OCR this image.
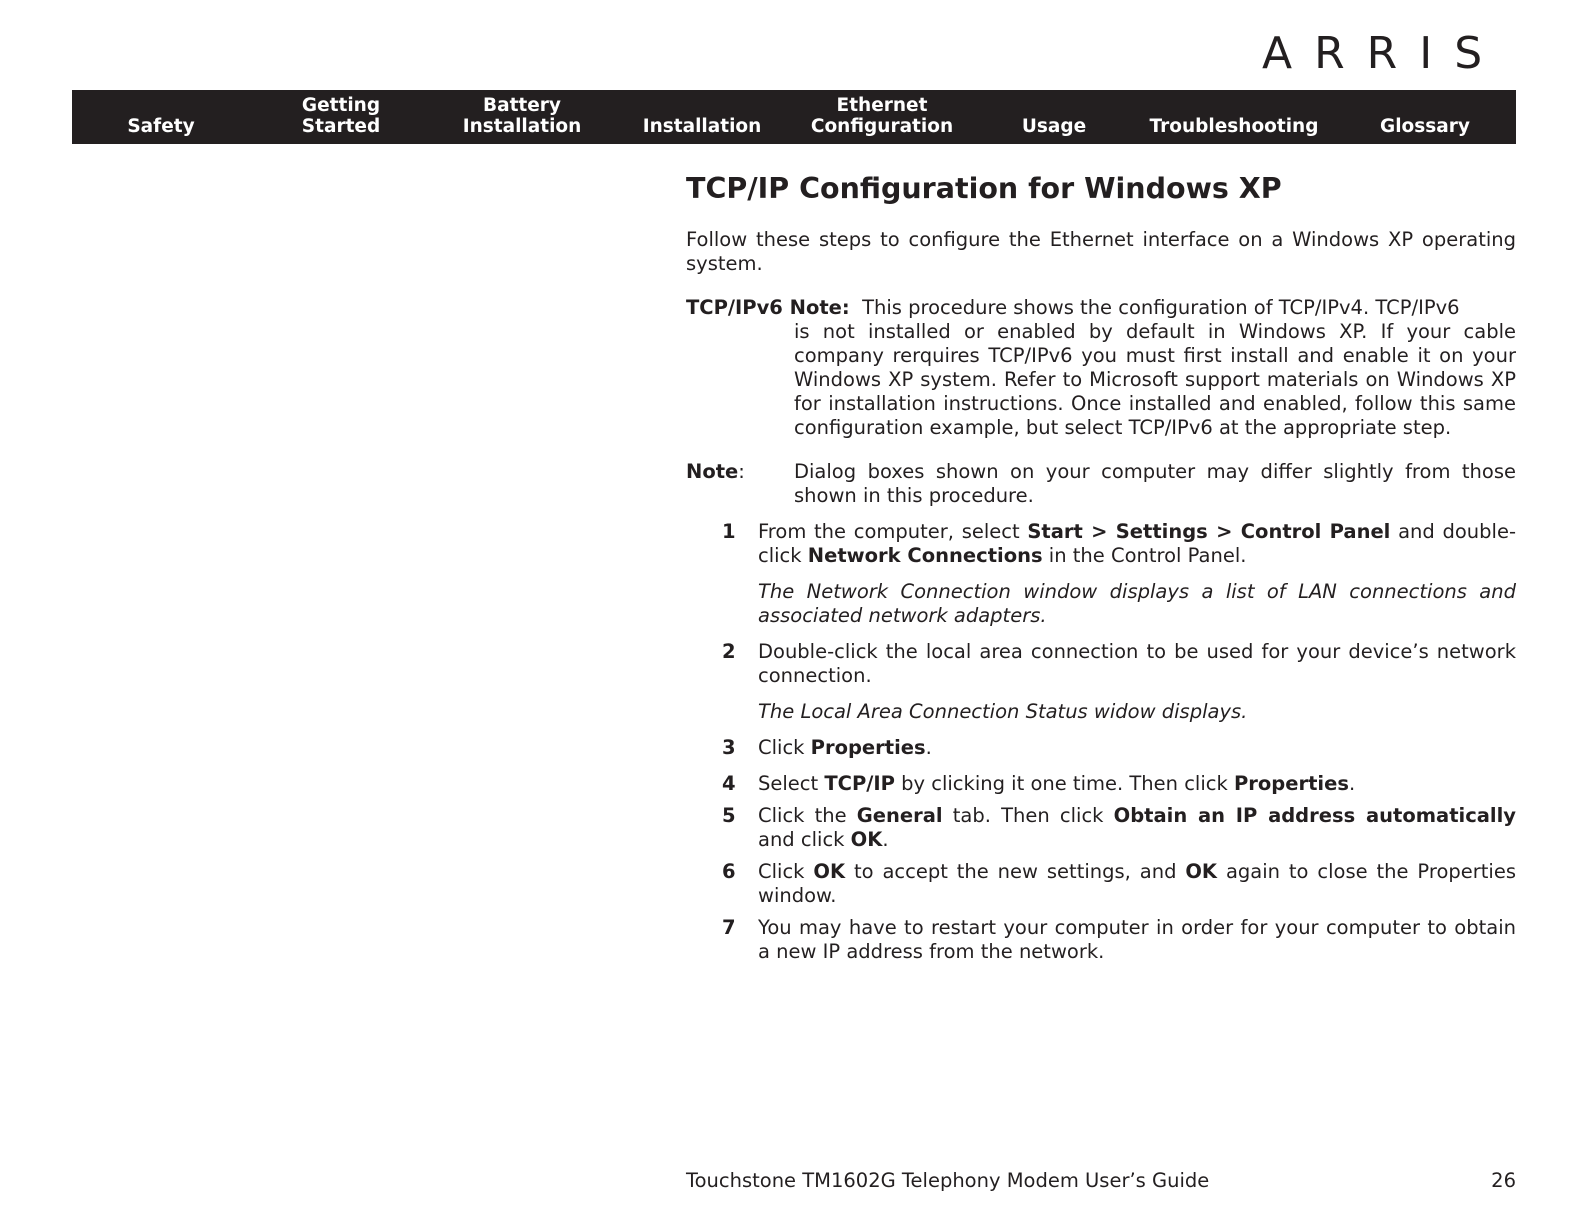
ARRIS
Safety
Getting
Started
Battery
Installation	Installation
Ethernet
Configuration	Usage	Troubleshooting	Glossary
TCP/IP Configuration for Windows XP

Follow these steps to configure the Ethernet interface on a Windows XP operating system.

TCP/IPv6 Note: This procedure shows the configuration of TCP/IPv4. TCP/IPv6
is not installed or enabled by default in Windows XP. If your cable company rerquires TCP/IPv6 you must first install and enable it on your Windows XP system. Refer to Microsoft support materials on Windows XP for installation instructions. Once installed and enabled, follow this same configuration example, but select TCP/IPv6 at the appropriate step.
Note:	Dialog boxes shown on your computer may differ slightly from those shown in this procedure.
1 From the computer, select Start > Settings > Control Panel and double-click Network Connections in the Control Panel.
The Network Connection window displays a list of LAN connections and associated network adapters.
2 Double-click the local area connection to be used for your device’s network connection.
The Local Area Connection Status widow displays.
3 Click Properties.
4 Select TCP/IP by clicking it one time. Then click Properties.
5 Click the General tab. Then click Obtain an IP address automatically and click OK.
6 Click OK to accept the new settings, and OK again to close the Properties window.
7 You may have to restart your computer in order for your computer to obtain a new IP address from the network.
Touchstone TM1602G Telephony Modem User’s Guide	26
